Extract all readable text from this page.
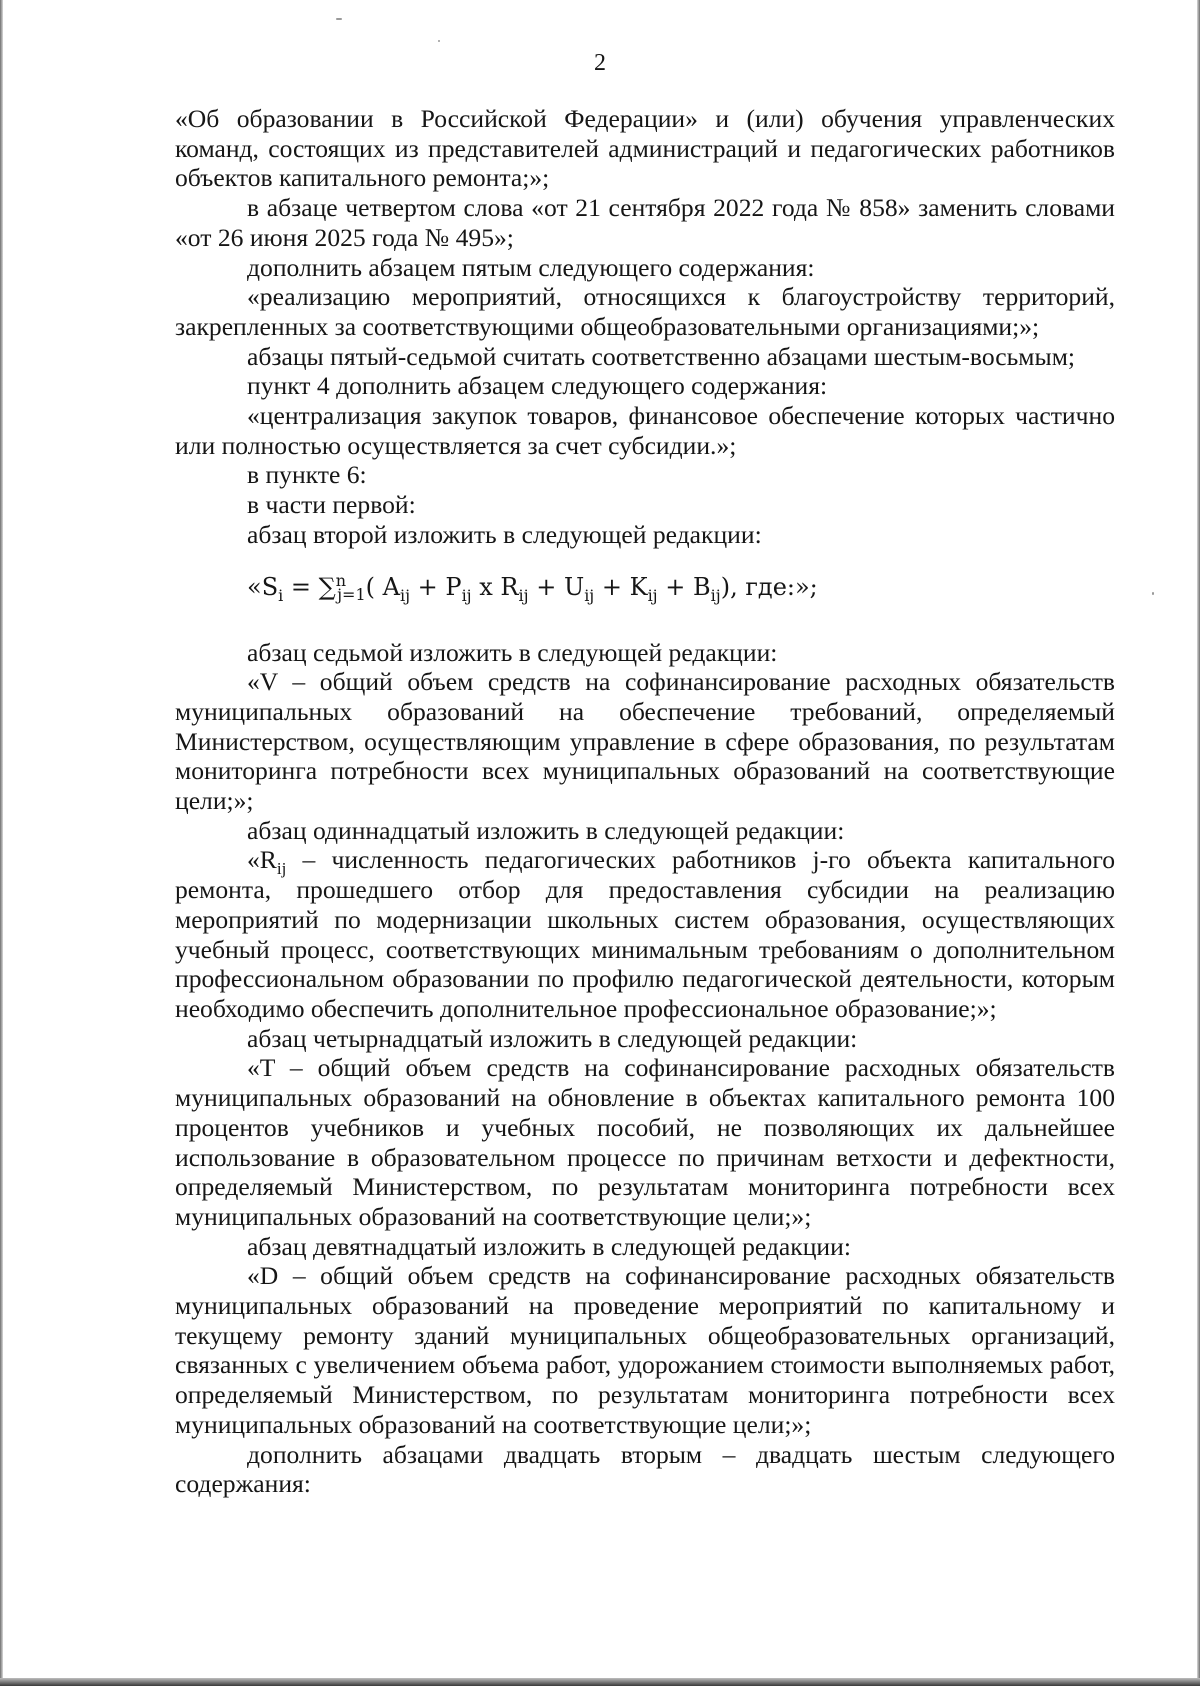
2

«Об образовании в Российской Федерации» и (или) обучения управленческих команд, состоящих из представителей администраций и педагогических работников объектов капитального ремонта;»;

в абзаце четвертом слова «от 21 сентября 2022 года № 858» заменить словами «от 26 июня 2025 года № 495»;

дополнить абзацем пятым следующего содержания:

«реализацию мероприятий, относящихся к благоустройству территорий, закрепленных за соответствующими общеобразовательными организациями;»;

абзацы пятый-седьмой считать соответственно абзацами шестым-восьмым;

пункт 4 дополнить абзацем следующего содержания:

«централизация закупок товаров, финансовое обеспечение которых частично или полностью осуществляется за счет субсидии.»;

в пункте 6:

в части первой:

абзац второй изложить в следующей редакции:

«$S_i = \sum^n_{j=1}$( $A_{ij} + P_{ij}$ x $R_{ij} + U_{ij} + K_{ij} + B_{ij}$), где:»;

абзац седьмой изложить в следующей редакции:

«V – общий объем средств на софинансирование расходных обязательств муниципальных образований на обеспечение требований, определяемый Министерством, осуществляющим управление в сфере образования, по результатам мониторинга потребности всех муниципальных образований на соответствующие цели;»;

абзац одиннадцатый изложить в следующей редакции:

«$R_{ij}$ – численность педагогических работников j-го объекта капитального ремонта, прошедшего отбор для предоставления субсидии на реализацию мероприятий по модернизации школьных систем образования, осуществляющих учебный процесс, соответствующих минимальным требованиям о дополнительном профессиональном образовании по профилю педагогической деятельности, которым необходимо обеспечить дополнительное профессиональное образование;»;

абзац четырнадцатый изложить в следующей редакции:

«T – общий объем средств на софинансирование расходных обязательств муниципальных образований на обновление в объектах капитального ремонта 100 процентов учебников и учебных пособий, не позволяющих их дальнейшее использование в образовательном процессе по причинам ветхости и дефектности, определяемый Министерством, по результатам мониторинга потребности всех муниципальных образований на соответствующие цели;»;

абзац девятнадцатый изложить в следующей редакции:

«D – общий объем средств на софинансирование расходных обязательств муниципальных образований на проведение мероприятий по капитальному и текущему ремонту зданий муниципальных общеобразовательных организаций, связанных с увеличением объема работ, удорожанием стоимости выполняемых работ, определяемый Министерством, по результатам мониторинга потребности всех муниципальных образований на соответствующие цели;»;

дополнить абзацами двадцать вторым – двадцать шестым следующего содержания:
